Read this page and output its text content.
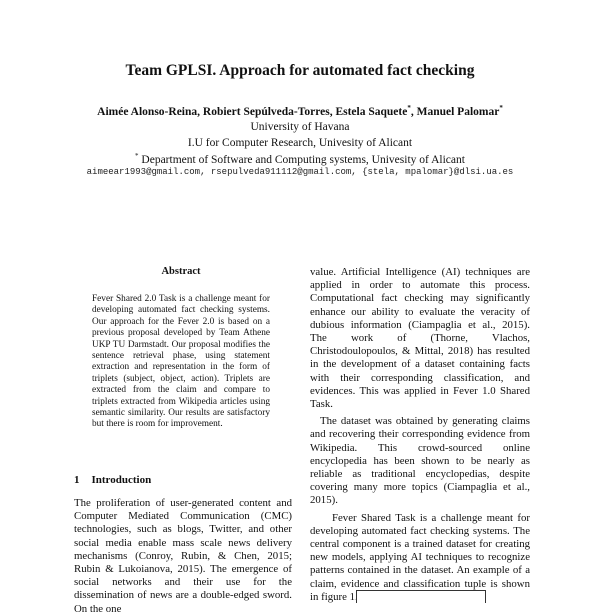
Team GPLSI. Approach for automated fact checking
Aimée Alonso-Reina, Robiert Sepúlveda-Torres, Estela Saquete*, Manuel Palomar*
University of Havana
I.U for Computer Research, Univesity of Alicant
* Department of Software and Computing systems, Univesity of Alicant
aimeear1993@gmail.com, rsepulveda911112@gmail.com, {stela, mpalomar}@dlsi.ua.es
Abstract
Fever Shared 2.0 Task is a challenge meant for developing automated fact checking systems. Our approach for the Fever 2.0 is based on a previous proposal developed by Team Athene UKP TU Darmstadt. Our proposal modifies the sentence retrieval phase, using statement extraction and representation in the form of triplets (subject, object, action). Triplets are extracted from the claim and compare to triplets extracted from Wikipedia articles using semantic similarity. Our results are satisfactory but there is room for improvement.
1 Introduction
The proliferation of user-generated content and Computer Mediated Communication (CMC) technologies, such as blogs, Twitter, and other social media enable mass scale news delivery mechanisms (Conroy, Rubin, & Chen, 2015; Rubin & Lukoianova, 2015). The emergence of social networks and their use for the dissemination of news are a double-edged sword. On the one

value. Artificial Intelligence (AI) techniques are applied in order to automate this process. Computational fact checking may significantly enhance our ability to evaluate the veracity of dubious information (Ciampaglia et al., 2015). The work of (Thorne, Vlachos, Christodoulopoulos, & Mittal, 2018) has resulted in the development of a dataset containing facts with their corresponding classification, and evidences. This was applied in Fever 1.0 Shared Task.

The dataset was obtained by generating claims and recovering their corresponding evidence from Wikipedia. This crowd-sourced online encyclopedia has been shown to be nearly as reliable as traditional encyclopedias, despite covering many more topics (Ciampaglia et al., 2015).

Fever Shared Task is a challenge meant for developing automated fact checking systems. The central component is a trained dataset for creating new models, applying AI techniques to recognize patterns contained in the dataset. An example of a claim, evidence and classification tuple is shown in figure 1.
